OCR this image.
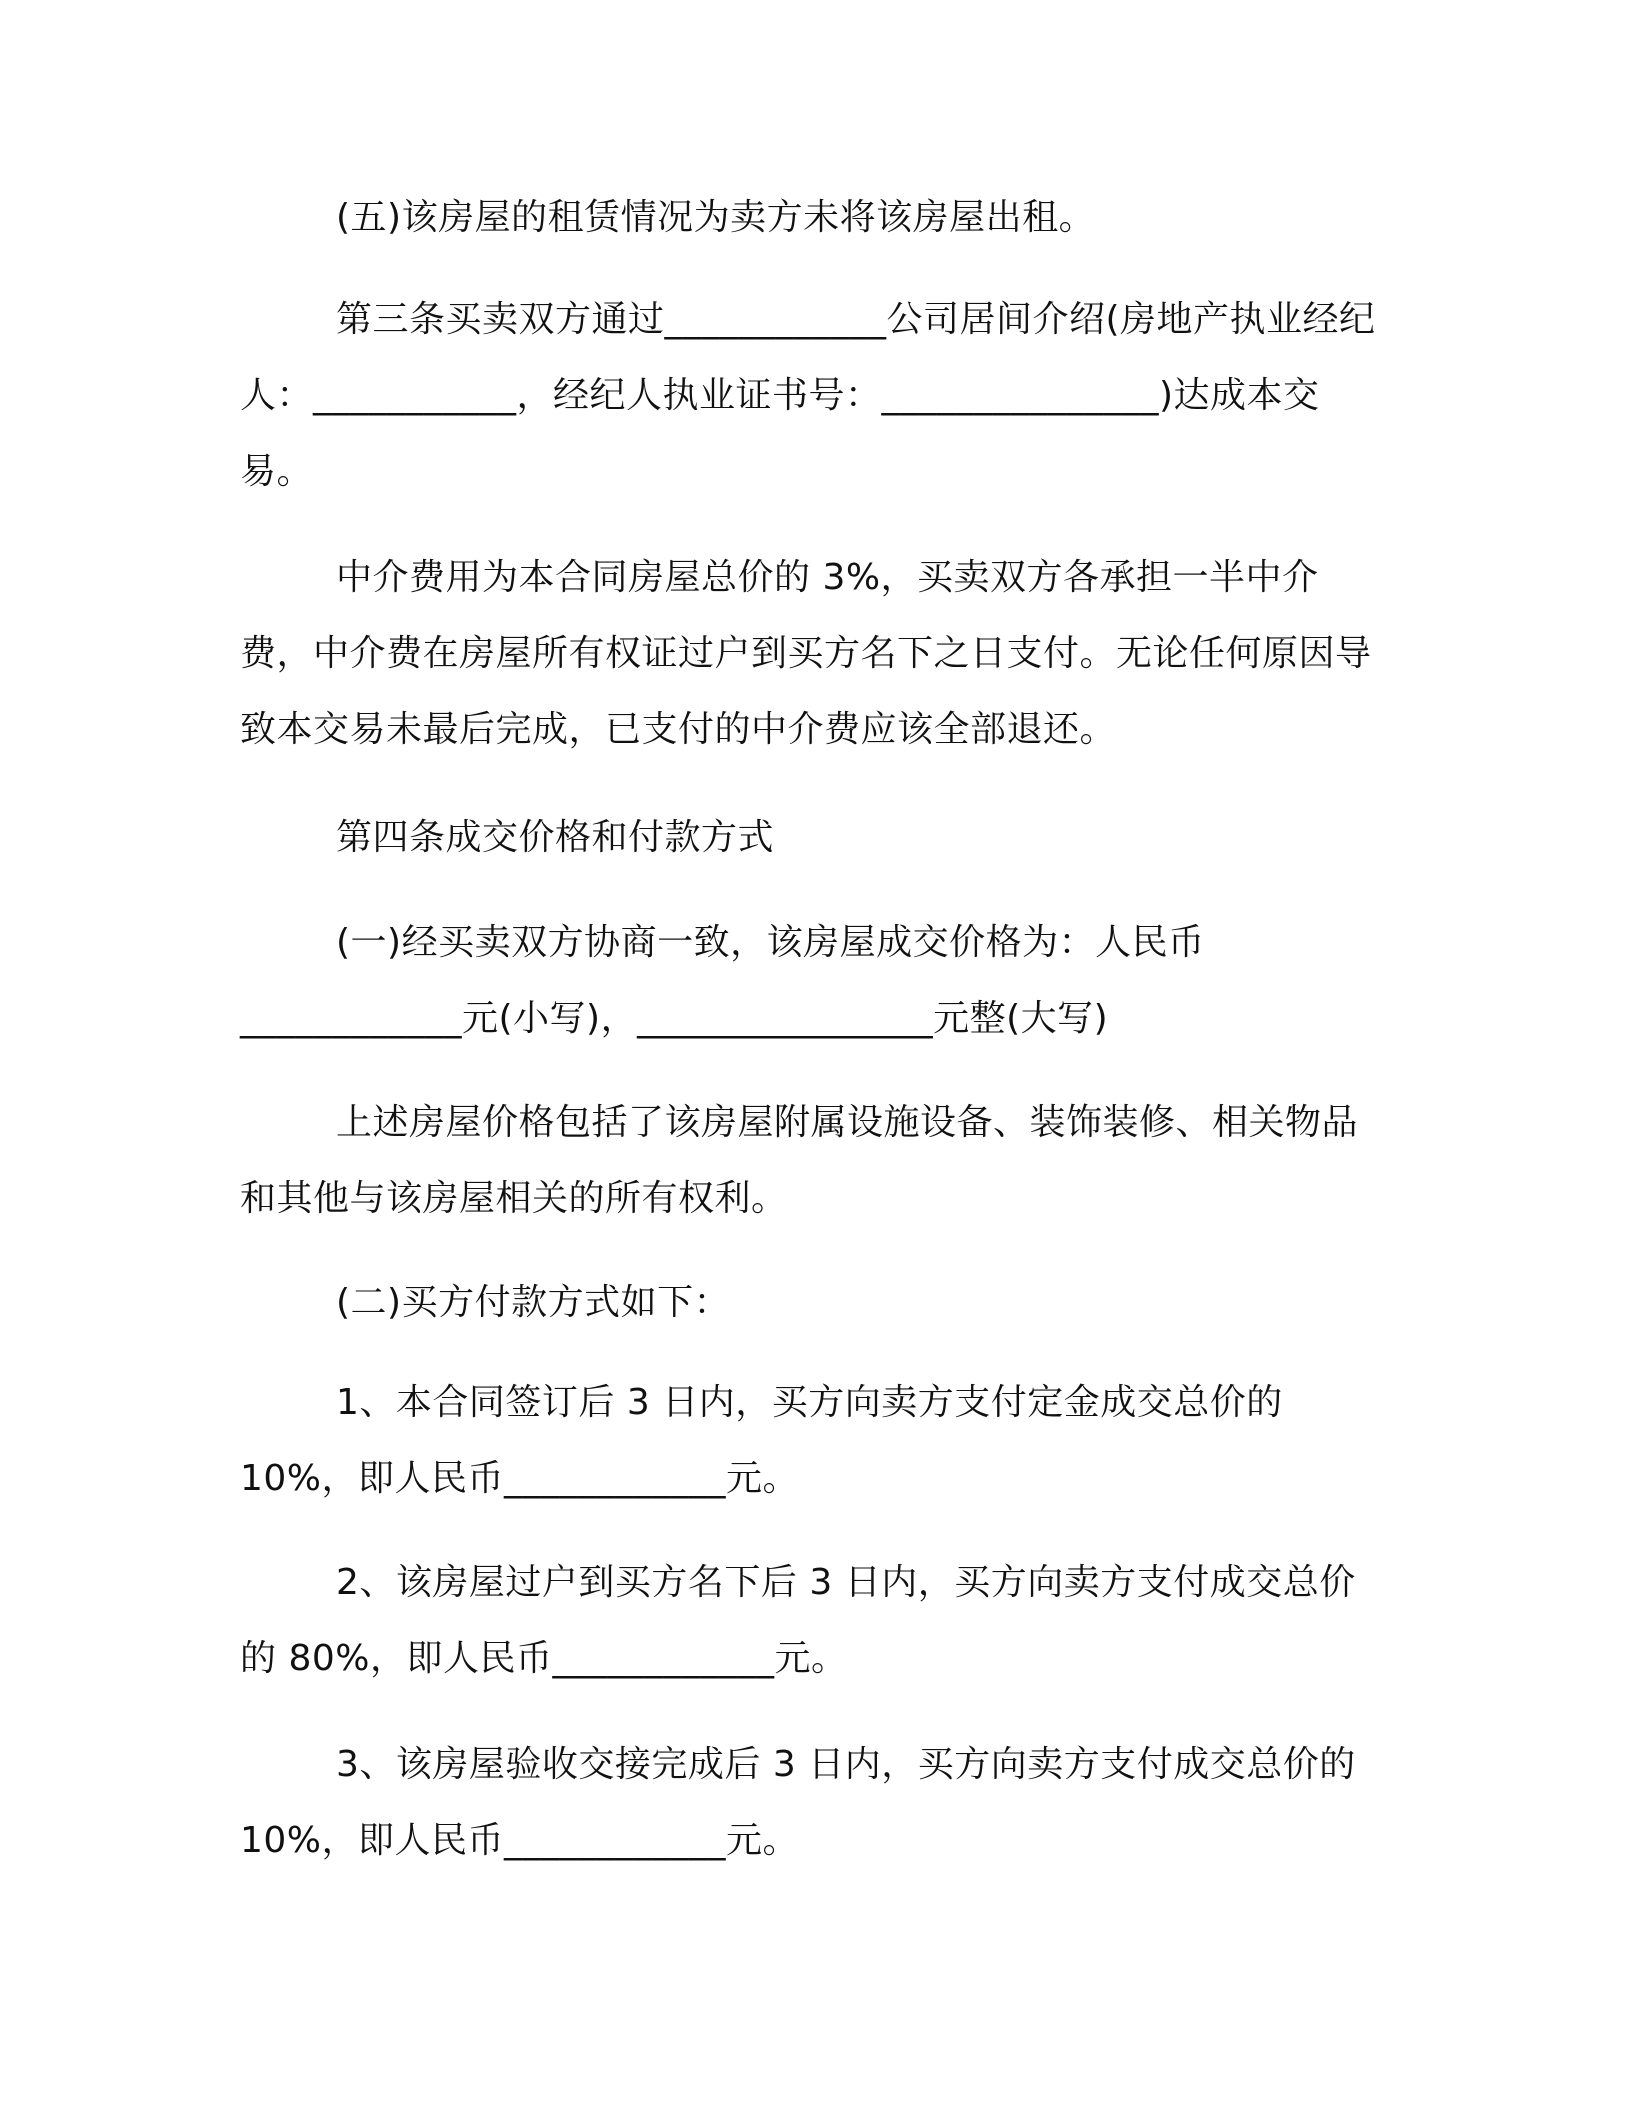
(五)该房屋的租赁情况为卖方未将该房屋出租。

第三条买卖双方通过____________公司居间介绍(房地产执业经纪人：___________，经纪人执业证书号：_______________)达成本交易。

中介费用为本合同房屋总价的 3%，买卖双方各承担一半中介费，中介费在房屋所有权证过户到买方名下之日支付。无论任何原因导致本交易未最后完成，已支付的中介费应该全部退还。

第四条成交价格和付款方式

(一)经买卖双方协商一致，该房屋成交价格为：人民币____________元(小写)，________________元整(大写)

上述房屋价格包括了该房屋附属设施设备、装饰装修、相关物品和其他与该房屋相关的所有权利。

(二)买方付款方式如下：

1、本合同签订后 3 日内，买方向卖方支付定金成交总价的 10%，即人民币____________元。

2、该房屋过户到买方名下后 3 日内，买方向卖方支付成交总价的 80%，即人民币____________元。

3、该房屋验收交接完成后 3 日内，买方向卖方支付成交总价的10%，即人民币____________元。
